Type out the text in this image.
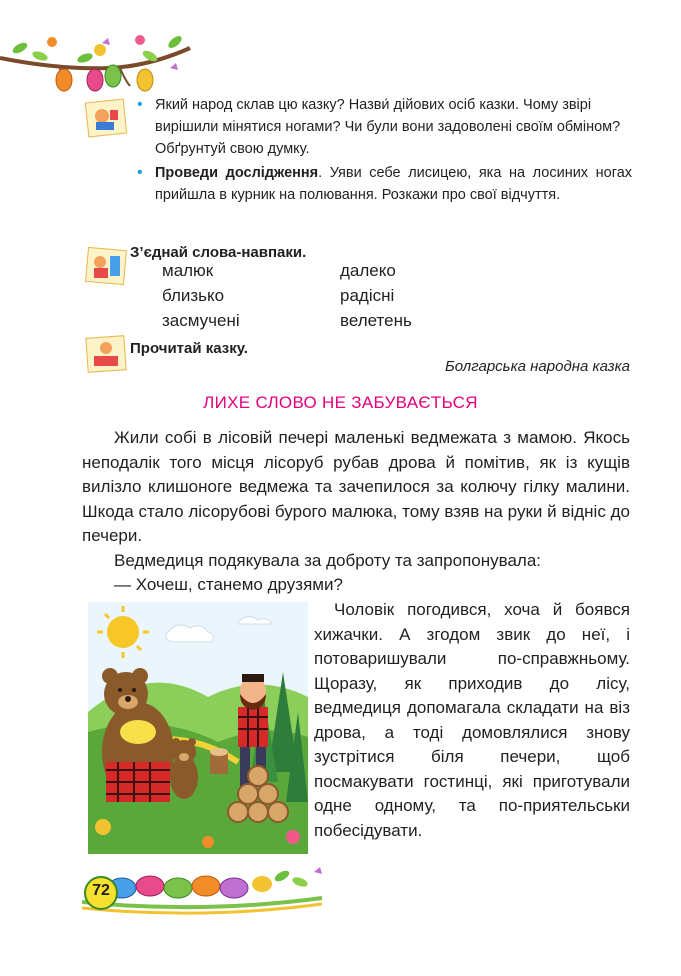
• Який народ склав цю казку? Назви́ дійових осіб казки. Чому звірі вирішили мінятися ногами? Чи були вони задоволені своїм обміном? Обґрунтуй свою думку.
• Проведи дослідження. Уяви себе лисицею, яка на лосиних ногах прийшла в курник на полювання. Розкажи про свої відчуття.
З’єднай слова-навпаки.
малюк
близько
засмучені
далеко
радісні
велетень
Прочитай казку.
Болгарська народна казка
ЛИХЕ СЛОВО НЕ ЗАБУВАЄТЬСЯ

Жили собі в лісовій печері маленькі ведмежата з мамою. Якось неподалік того місця лісоруб рубав дрова й помітив, як із кущів вилізло клишоноге ведмежа та зачепилося за колючу гілку малини. Шкода стало лісорубові бурого малюка, тому взяв на руки й відніс до печери.

Ведмедиця подякувала за доброту та запропонувала:

— Хочеш, станемо друзями?

Чоловік погодився, хоча й боявся хижачки. А згодом звик до неї, і потоваришували по-справжньому. Щоразу, як приходив до лісу, ведмедиця допомагала складати на віз дрова, а тоді домовлялися знову зустрітися біля печери, щоб посмакувати гостинці, які приготували одне одному, та по-приятельськи побесідувати.

72
